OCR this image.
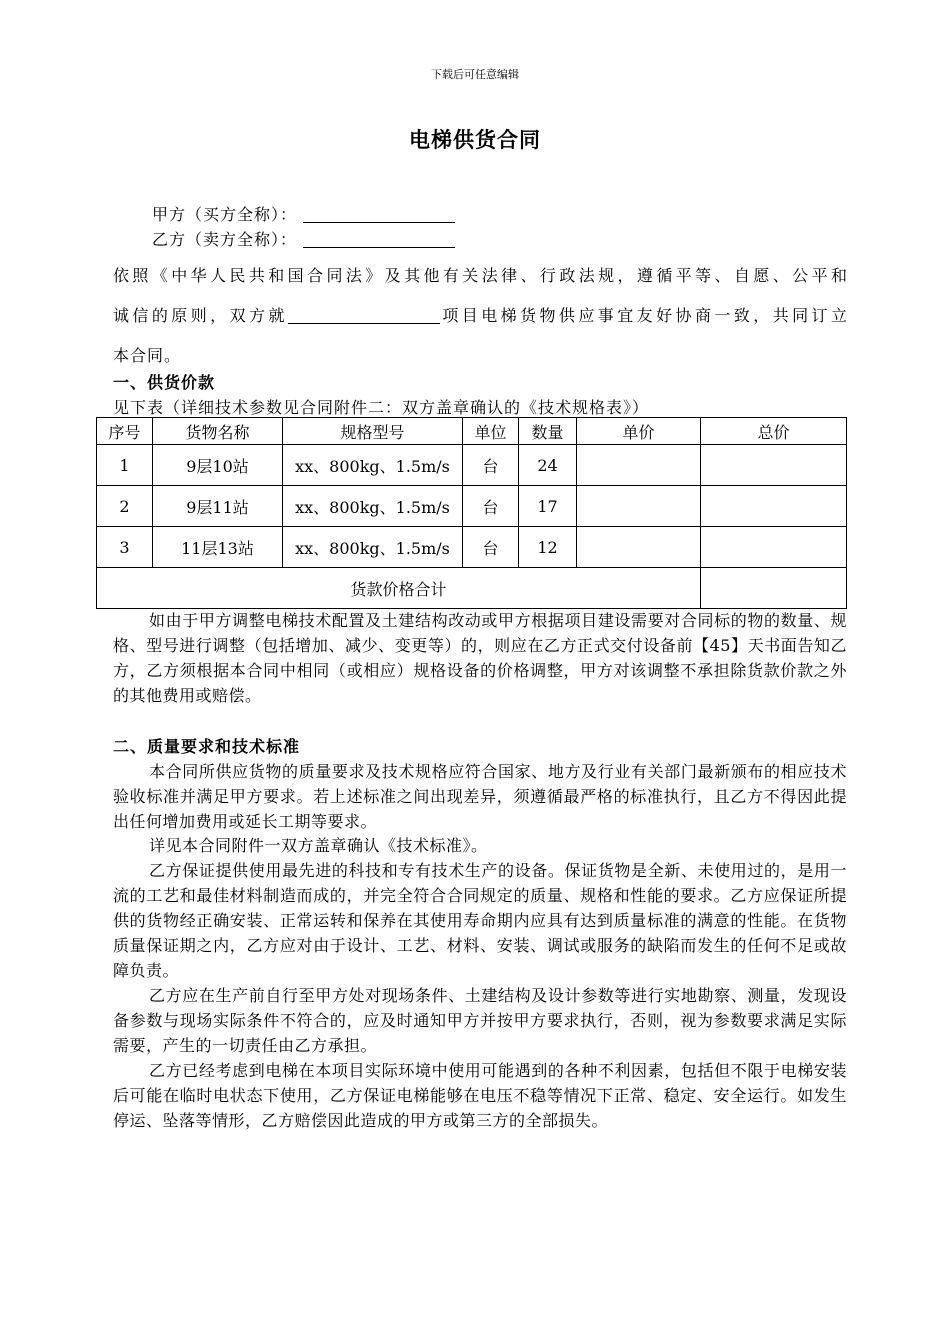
下载后可任意编辑
电梯供货合同
甲方（买方全称）：
乙方（卖方全称）：
依照《中华人民共和国合同法》及其他有关法律、行政法规，遵循平等、自愿、公平和
诚信的原则，双方就	项目电梯货物供应事宜友好协商一致，共同订立
本合同。
一、供货价款
见下表（详细技术参数见合同附件二：双方盖章确认的《技术规格表》）
序号	货物名称	规格型号	单位	数量	单价	总价
1	9层10站	xx、800kg、1.5m/s	台	24		
2	9层11站	xx、800kg、1.5m/s	台	17		
3	11层13站	xx、800kg、1.5m/s	台	12		
货款价格合计						
如由于甲方调整电梯技术配置及土建结构改动或甲方根据项目建设需要对合同标的物的数量、规格、型号进行调整（包括增加、减少、变更等）的，则应在乙方正式交付设备前【45】天书面告知乙方，乙方须根据本合同中相同（或相应）规格设备的价格调整，甲方对该调整不承担除货款价款之外的其他费用或赔偿。
二、质量要求和技术标准
本合同所供应货物的质量要求及技术规格应符合国家、地方及行业有关部门最新颁布的相应技术验收标准并满足甲方要求。若上述标准之间出现差异，须遵循最严格的标准执行，且乙方不得因此提出任何增加费用或延长工期等要求。
详见本合同附件一双方盖章确认《技术标准》。
乙方保证提供使用最先进的科技和专有技术生产的设备。保证货物是全新、未使用过的，是用一流的工艺和最佳材料制造而成的，并完全符合合同规定的质量、规格和性能的要求。乙方应保证所提供的货物经正确安装、正常运转和保养在其使用寿命期内应具有达到质量标准的满意的性能。在货物质量保证期之内，乙方应对由于设计、工艺、材料、安装、调试或服务的缺陷而发生的任何不足或故障负责。
乙方应在生产前自行至甲方处对现场条件、土建结构及设计参数等进行实地勘察、测量，发现设备参数与现场实际条件不符合的，应及时通知甲方并按甲方要求执行，否则，视为参数要求满足实际需要，产生的一切责任由乙方承担。
乙方已经考虑到电梯在本项目实际环境中使用可能遇到的各种不利因素，包括但不限于电梯安装后可能在临时电状态下使用，乙方保证电梯能够在电压不稳等情况下正常、稳定、安全运行。如发生停运、坠落等情形，乙方赔偿因此造成的甲方或第三方的全部损失。
